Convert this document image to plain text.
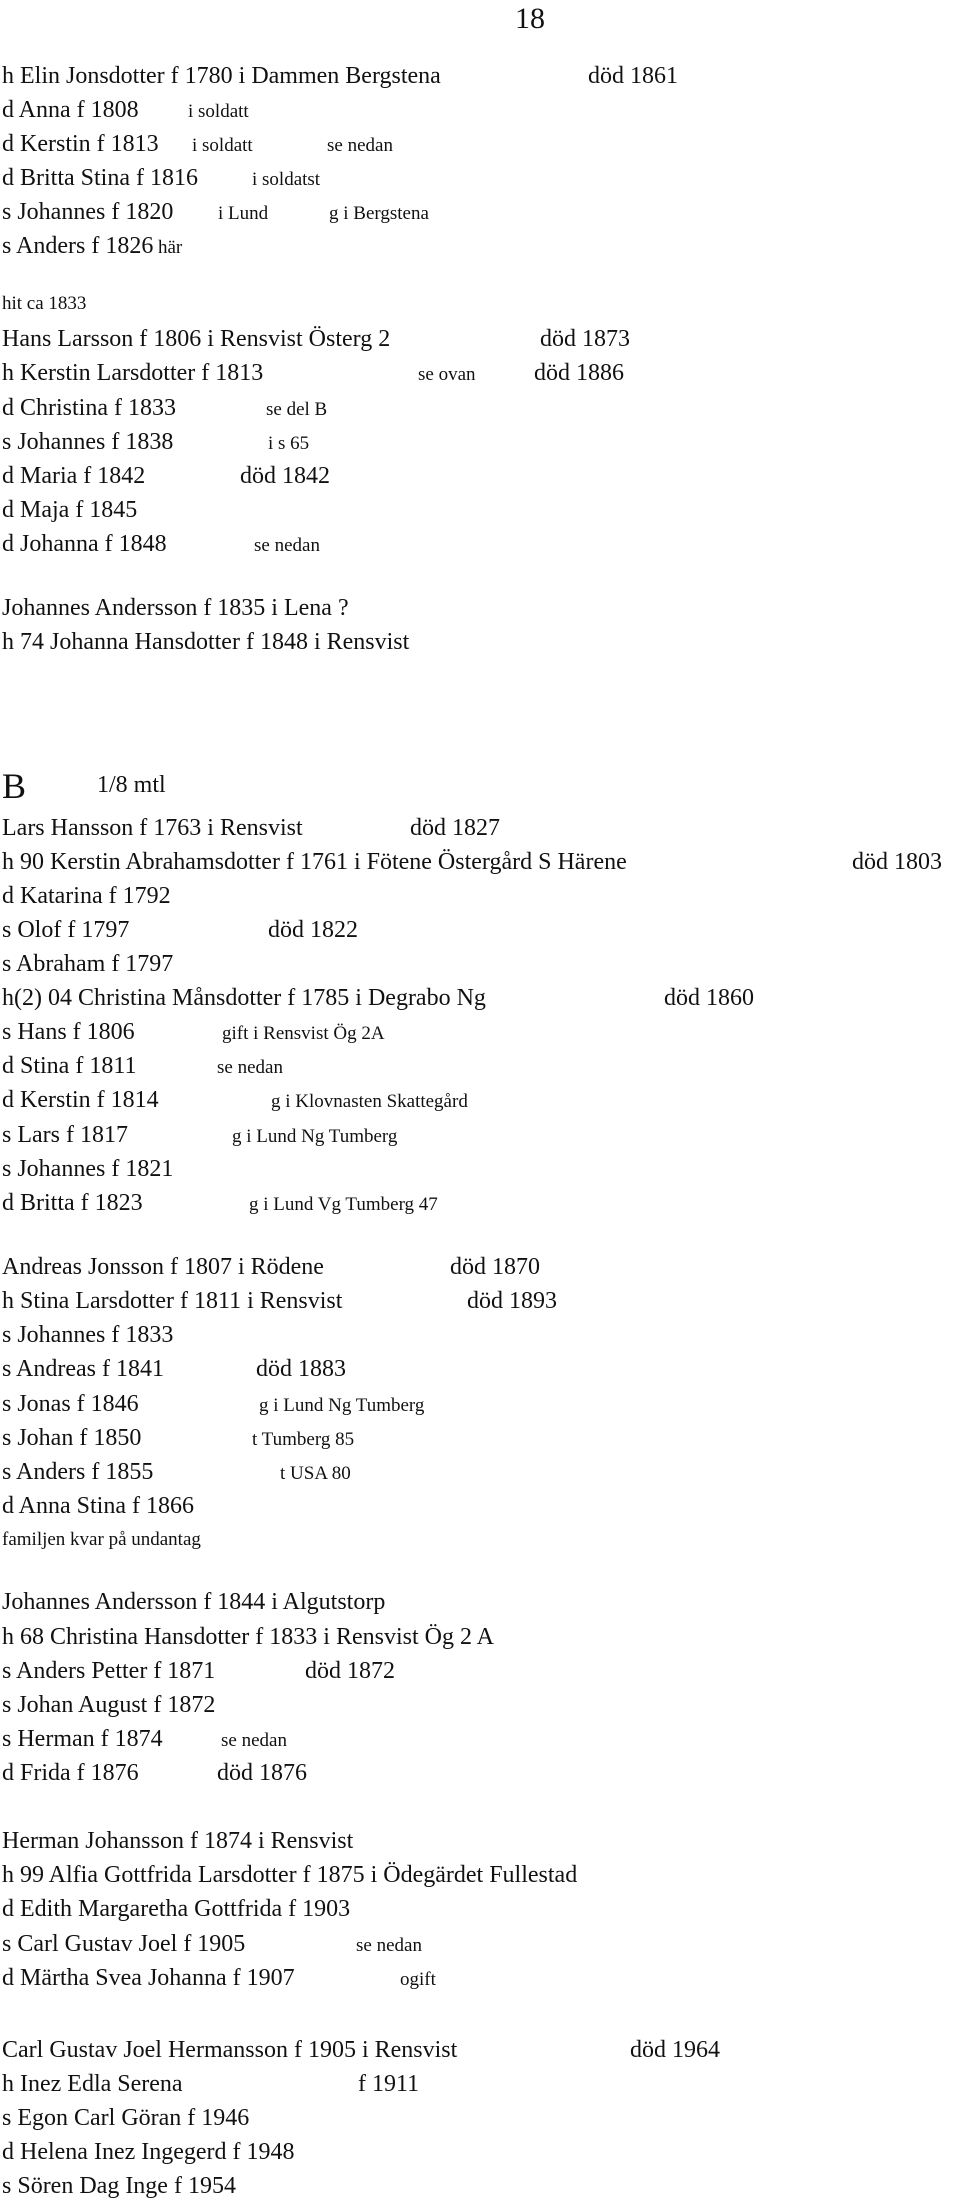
18
h Elin Jonsdotter f 1780 i Dammen Bergstena	död 1861
d Anna f 1808	i soldatt
d Kerstin f 1813 i soldatt	se nedan
d Britta Stina f 1816	i soldatst
s Johannes f 1820 i Lund	g i Bergstena
s Anders f 1826 här
hit ca 1833
Hans Larsson f 1806 i Rensvist Österg 2	död 1873
h Kerstin Larsdotter f 1813	se ovan död 1886
d Christina f 1833	se del B
s Johannes f 1838	i s 65
d Maria f 1842	död 1842
d Maja f 1845
d Johanna f 1848	se nedan
Johannes Andersson f 1835 i Lena ?
h 74 Johanna Hansdotter f 1848 i Rensvist
B	1/8 mtl
Lars Hansson f 1763 i Rensvist	död 1827
h 90 Kerstin Abrahamsdotter f 1761 i Fötene Östergård S Härene	död 1803
d Katarina f 1792
s Olof f 1797	död 1822
s Abraham f 1797
h(2) 04 Christina Månsdotter f 1785 i Degrabo Ng	död 1860
s Hans f 1806	gift i Rensvist Ög 2A
d Stina f 1811	se nedan
d Kerstin f 1814	g i Klovnasten Skattegård
s Lars f 1817	g i Lund Ng Tumberg
s Johannes f 1821
d Britta f 1823	g i Lund Vg Tumberg 47
Andreas Jonsson f 1807 i Rödene	död 1870
h Stina Larsdotter f 1811 i Rensvist	död 1893
s Johannes f 1833
s Andreas f 1841	död 1883
s Jonas f 1846	g i Lund Ng Tumberg
s Johan f 1850	t Tumberg 85
s Anders f 1855	t USA 80
d Anna Stina f 1866
familjen kvar på undantag
Johannes Andersson f 1844 i Algutstorp
h 68 Christina Hansdotter f 1833 i Rensvist Ög 2 A
s Anders Petter f 1871	död 1872
s Johan August f 1872
s Herman f 1874	se nedan
d Frida f 1876	död 1876
Herman Johansson f 1874 i Rensvist
h 99 Alfia Gottfrida Larsdotter f 1875 i Ödegärdet Fullestad
d Edith Margaretha Gottfrida f 1903
s Carl Gustav Joel f 1905	se nedan
d Märtha Svea Johanna f 1907	ogift
Carl Gustav Joel Hermansson f 1905 i Rensvist	död 1964
h Inez Edla Serena	f 1911
s Egon Carl Göran f 1946
d Helena Inez Ingegerd f 1948
s Sören Dag Inge f 1954
